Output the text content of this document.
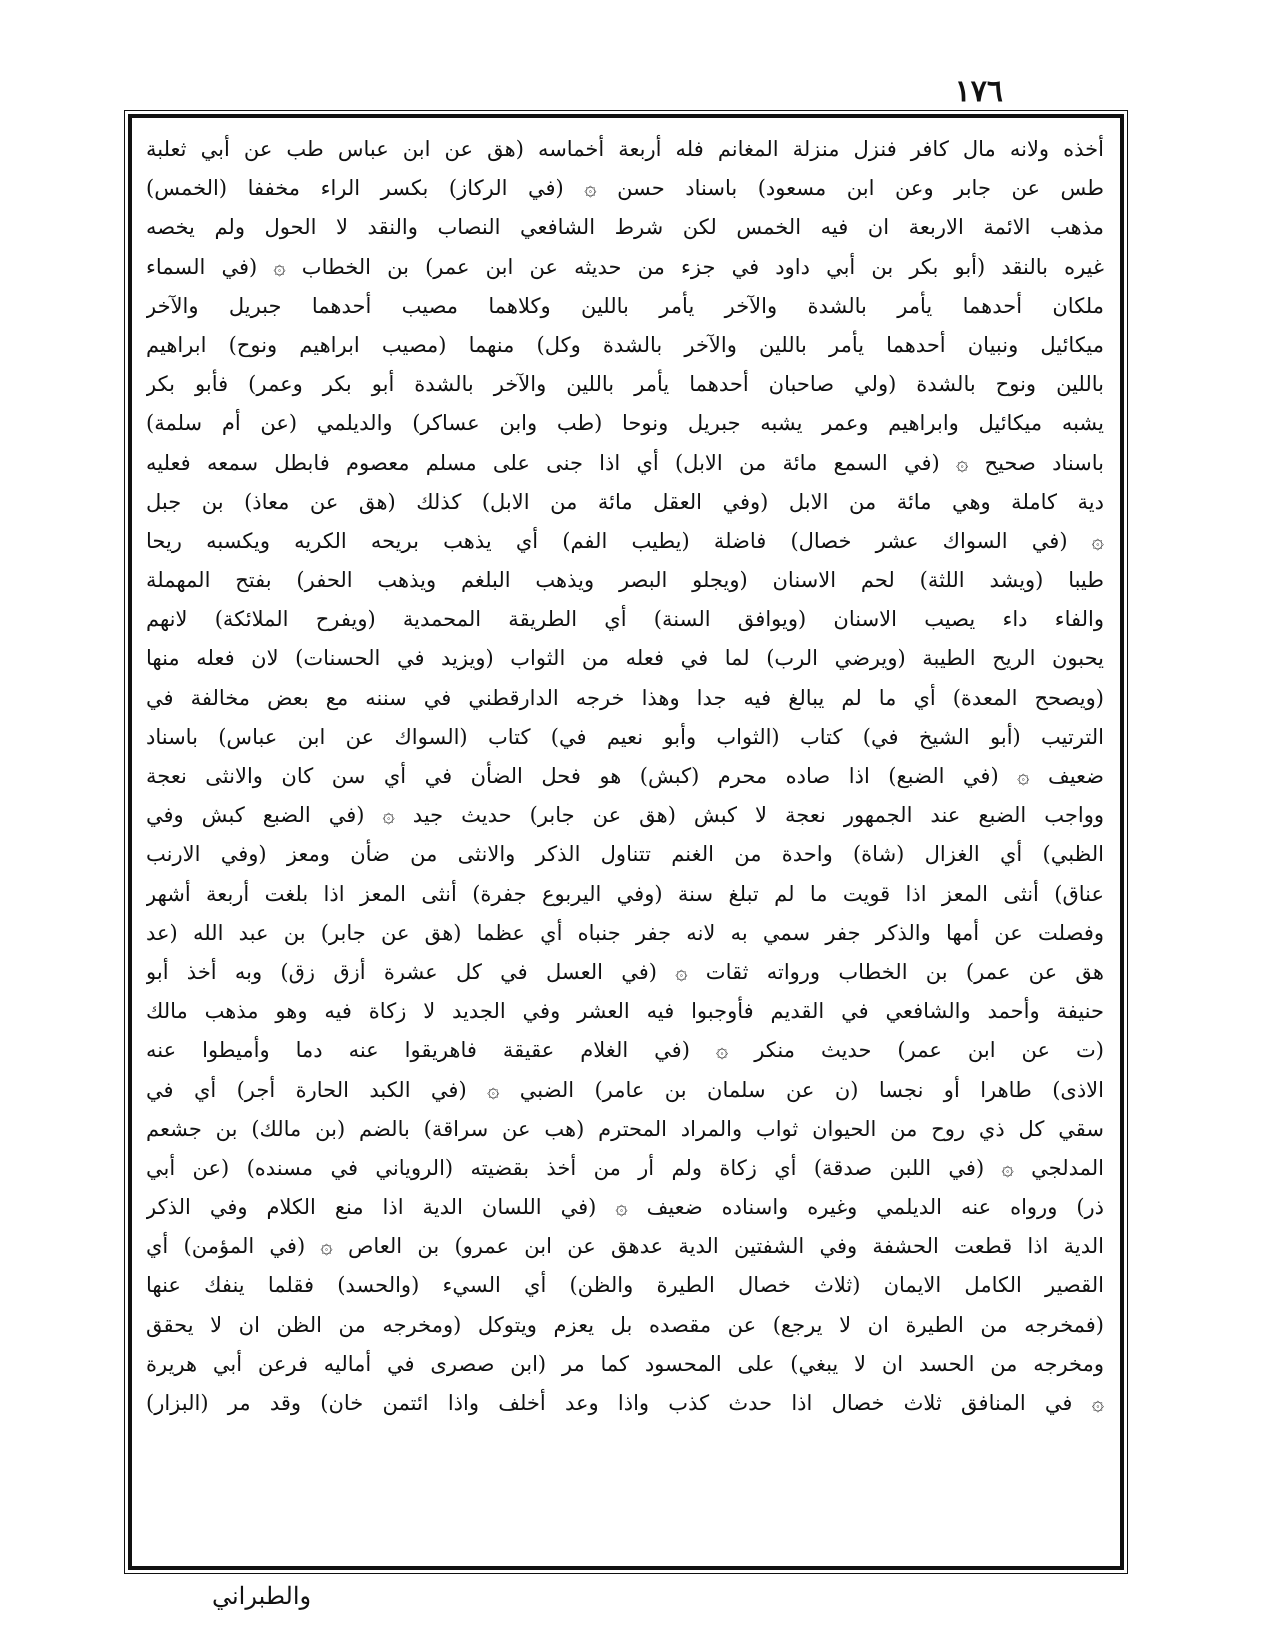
١٧٦
أخذه ولانه مال كافر فنزل منزلة المغانم فله أربعة أخماسه (هق عن ابن عباس طب عن أبي ثعلبة
طس عن جابر وعن ابن مسعود) باسناد حسن ۞ (في الركاز) بكسر الراء مخففا (الخمس)
مذهب الائمة الاربعة ان فيه الخمس لكن شرط الشافعي النصاب والنقد لا الحول ولم يخصه
غيره بالنقد (أبو بكر بن أبي داود في جزء من حديثه عن ابن عمر) بن الخطاب ۞ (في السماء
ملكان أحدهما يأمر بالشدة والآخر يأمر باللين وكلاهما مصيب أحدهما جبريل والآخر
ميكائيل ونبيان أحدهما يأمر باللين والآخر بالشدة وكل) منهما (مصيب ابراهيم ونوح) ابراهيم
باللين ونوح بالشدة (ولي صاحبان أحدهما يأمر باللين والآخر بالشدة أبو بكر وعمر) فأبو بكر
يشبه ميكائيل وابراهيم وعمر يشبه جبريل ونوحا (طب وابن عساكر) والديلمي (عن أم سلمة)
باسناد صحيح ۞ (في السمع مائة من الابل) أي اذا جنى على مسلم معصوم فابطل سمعه فعليه
دية كاملة وهي مائة من الابل (وفي العقل مائة من الابل) كذلك (هق عن معاذ) بن جبل
۞ (في السواك عشر خصال) فاضلة (يطيب الفم) أي يذهب بريحه الكريه ويكسبه ريحا
طيبا (ويشد اللثة) لحم الاسنان (ويجلو البصر ويذهب البلغم ويذهب الحفر) بفتح المهملة
والفاء داء يصيب الاسنان (ويوافق السنة) أي الطريقة المحمدية (ويفرح الملائكة) لانهم
يحبون الريح الطيبة (ويرضي الرب) لما في فعله من الثواب (ويزيد في الحسنات) لان فعله منها
(ويصحح المعدة) أي ما لم يبالغ فيه جدا وهذا خرجه الدارقطني في سننه مع بعض مخالفة في
الترتيب (أبو الشيخ في) كتاب (الثواب وأبو نعيم في) كتاب (السواك عن ابن عباس) باسناد
ضعيف ۞ (في الضبع) اذا صاده محرم (كبش) هو فحل الضأن في أي سن كان والانثى نعجة
وواجب الضبع عند الجمهور نعجة لا كبش (هق عن جابر) حديث جيد ۞ (في الضبع كبش وفي
الظبي) أي الغزال (شاة) واحدة من الغنم تتناول الذكر والانثى من ضأن ومعز (وفي الارنب
عناق) أنثى المعز اذا قويت ما لم تبلغ سنة (وفي اليربوع جفرة) أنثى المعز اذا بلغت أربعة أشهر
وفصلت عن أمها والذكر جفر سمي به لانه جفر جنباه أي عظما (هق عن جابر) بن عبد الله (عد
هق عن عمر) بن الخطاب ورواته ثقات ۞ (في العسل في كل عشرة أزق زق) وبه أخذ أبو
حنيفة وأحمد والشافعي في القديم فأوجبوا فيه العشر وفي الجديد لا زكاة فيه وهو مذهب مالك
(ت عن ابن عمر) حديث منكر ۞ (في الغلام عقيقة فاهريقوا عنه دما وأميطوا عنه
الاذى) طاهرا أو نجسا (ن عن سلمان بن عامر) الضبي ۞ (في الكبد الحارة أجر) أي في
سقي كل ذي روح من الحيوان ثواب والمراد المحترم (هب عن سراقة) بالضم (بن مالك) بن جشعم
المدلجي ۞ (في اللبن صدقة) أي زكاة ولم أر من أخذ بقضيته (الروياني في مسنده) (عن أبي
ذر) ورواه عنه الديلمي وغيره واسناده ضعيف ۞ (في اللسان الدية اذا منع الكلام وفي الذكر
الدية اذا قطعت الحشفة وفي الشفتين الدية عدهق عن ابن عمرو) بن العاص ۞ (في المؤمن) أي
القصير الكامل الايمان (ثلاث خصال الطيرة والظن) أي السيء (والحسد) فقلما ينفك عنها
(فمخرجه من الطيرة ان لا يرجع) عن مقصده بل يعزم ويتوكل (ومخرجه من الظن ان لا يحقق
ومخرجه من الحسد ان لا يبغي) على المحسود كما مر (ابن صصرى في أماليه فرعن أبي هريرة
۞ في المنافق ثلاث خصال اذا حدث كذب واذا وعد أخلف واذا ائتمن خان) وقد مر (البزار)
والطبراني
